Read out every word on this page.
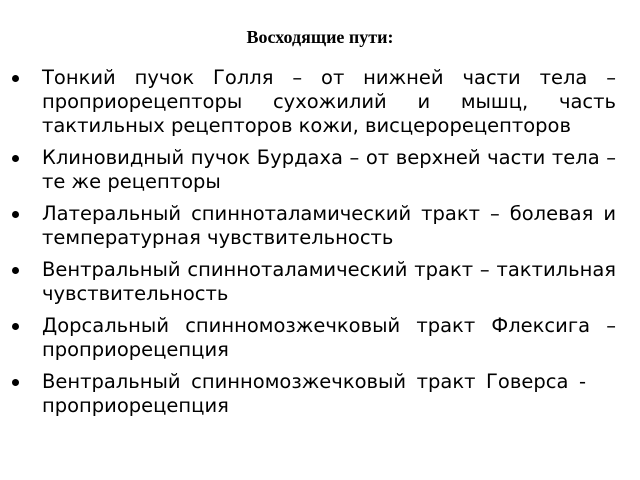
Восходящие пути:
Тонкий пучок Голля – от нижней части тела – проприорецепторы сухожилий и мышц, часть тактильных рецепторов кожи, висцерорецепторов
Клиновидный пучок Бурдаха – от верхней части тела – те же рецепторы
Латеральный спинноталамический тракт – болевая и температурная чувствительность
Вентральный спинноталамический тракт – тактильная чувствительность
Дорсальный спинномозжечковый тракт Флексига – проприорецепция
Вентральный спинномозжечковый тракт Говерса -проприорецепция
